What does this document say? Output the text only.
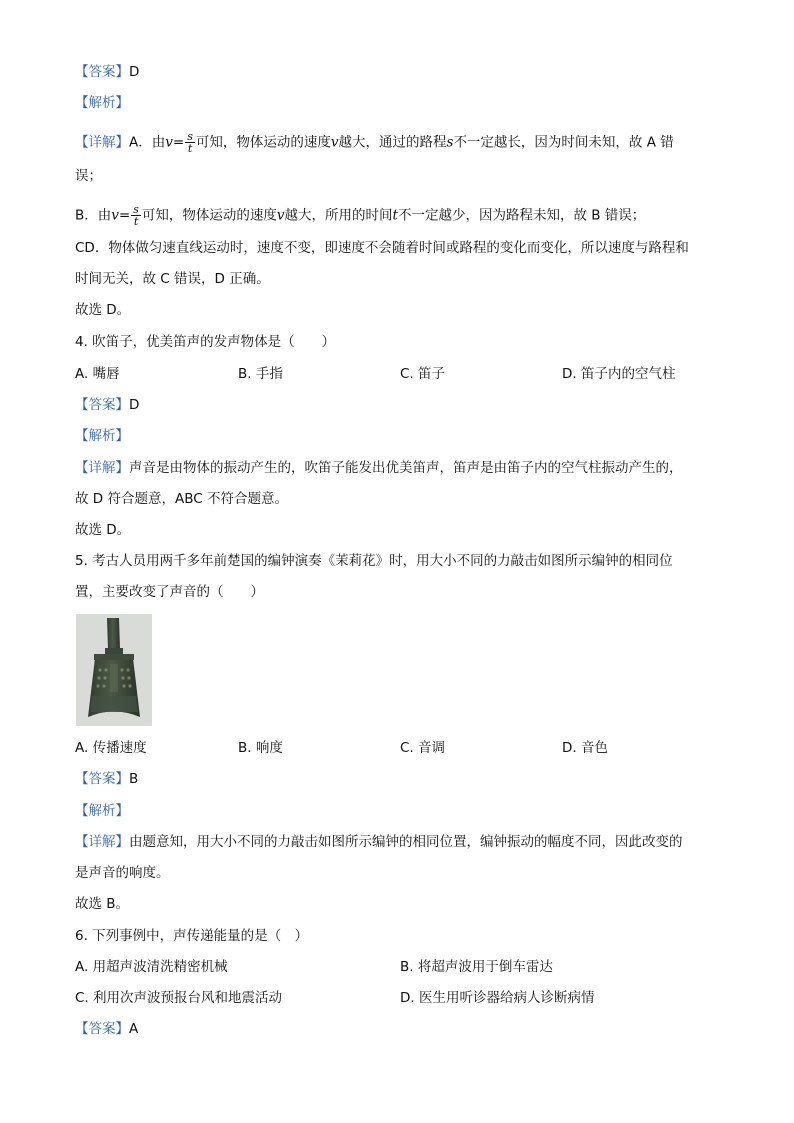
【答案】D
【解析】
【详解】A．由$v= \frac{s}{t}$ 可知，物体运动的速度v越大，通过的路程s不一定越长，因为时间未知，故 A 错
误；
B．由$v= \frac{s}{t}$ 可知，物体运动的速度v越大，所用的时间t不一定越少，因为路程未知，故 B 错误；
CD．物体做匀速直线运动时，速度不变，即速度不会随着时间或路程的变化而变化，所以速度与路程和
时间无关，故 C 错误，D 正确。
故选 D。
4. 吹笛子，优美笛声的发声物体是（　　）
A. 嘴唇	B. 手指	C. 笛子	D. 笛子内的空气柱
【答案】D
【解析】
【详解】声音是由物体的振动产生的，吹笛子能发出优美笛声，笛声是由笛子内的空气柱振动产生的，
故 D 符合题意，ABC 不符合题意。
故选 D。
5. 考古人员用两千多年前楚国的编钟演奏《茉莉花》时，用大小不同的力敲击如图所示编钟的相同位
置，主要改变了声音的（　　）
A. 传播速度	B. 响度	C. 音调	D. 音色
【答案】B
【解析】
【详解】由题意知，用大小不同的力敲击如图所示编钟的相同位置，编钟振动的幅度不同，因此改变的
是声音的响度。
故选 B。
6. 下列事例中，声传递能量的是（　）
A. 用超声波清洗精密机械	B. 将超声波用于倒车雷达
C. 利用次声波预报台风和地震活动	D. 医生用听诊器给病人诊断病情
【答案】A
